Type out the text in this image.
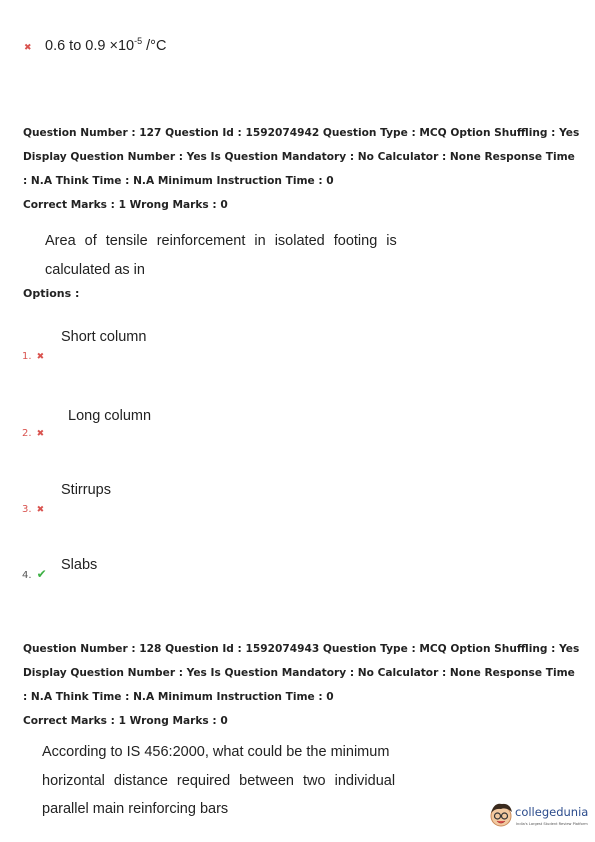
✖ 0.6 to $0.9 \times 10^{-5}$ /°C
Question Number : 127 Question Id : 1592074942 Question Type : MCQ Option Shuffling : Yes
Display Question Number : Yes Is Question Mandatory : No Calculator : None Response Time
: N.A Think Time : N.A Minimum Instruction Time : 0
Correct Marks : 1 Wrong Marks : 0
Area of tensile reinforcement in isolated footing is
calculated as in
Options :
Short column
1. ✖
Long column
2. ✖
Stirrups
3. ✖
Slabs
4. ✔
Question Number : 128 Question Id : 1592074943 Question Type : MCQ Option Shuffling : Yes
Display Question Number : Yes Is Question Mandatory : No Calculator : None Response Time
: N.A Think Time : N.A Minimum Instruction Time : 0
Correct Marks : 1 Wrong Marks : 0
According to IS 456:2000, what could be the minimum
horizontal distance required between two individual
parallel main reinforcing bars	collegedunia
India's Largest Student Review Platform
